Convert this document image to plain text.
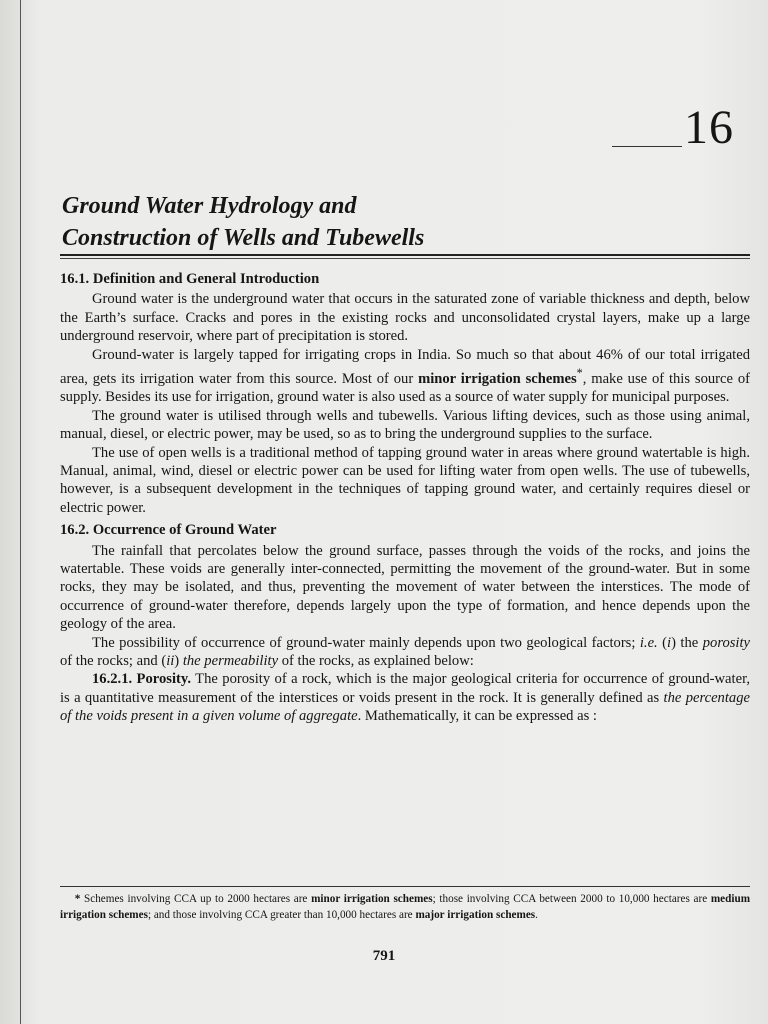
16
Ground Water Hydrology and
Construction of Wells and Tubewells
16.1. Definition and General Introduction

Ground water is the underground water that occurs in the saturated zone of variable thickness and depth, below the Earth’s surface. Cracks and pores in the existing rocks and unconsolidated crystal layers, make up a large underground reservoir, where part of precipitation is stored.

Ground-water is largely tapped for irrigating crops in India. So much so that about 46% of our total irrigated area, gets its irrigation water from this source. Most of our minor irrigation schemes*, make use of this source of supply. Besides its use for irrigation, ground water is also used as a source of water supply for municipal purposes.

The ground water is utilised through wells and tubewells. Various lifting devices, such as those using animal, manual, diesel, or electric power, may be used, so as to bring the underground supplies to the surface.

The use of open wells is a traditional method of tapping ground water in areas where ground watertable is high. Manual, animal, wind, diesel or electric power can be used for lifting water from open wells. The use of tubewells, however, is a subsequent development in the techniques of tapping ground water, and certainly requires diesel or electric power.

16.2. Occurrence of Ground Water

The rainfall that percolates below the ground surface, passes through the voids of the rocks, and joins the watertable. These voids are generally inter-connected, permitting the movement of the ground-water. But in some rocks, they may be isolated, and thus, preventing the movement of water between the interstices. The mode of occurrence of ground-water therefore, depends largely upon the type of formation, and hence depends upon the geology of the area.

The possibility of occurrence of ground-water mainly depends upon two geological factors; i.e. (i) the porosity of the rocks; and (ii) the permeability of the rocks, as explained below:

16.2.1. Porosity. The porosity of a rock, which is the major geological criteria for occurrence of ground-water, is a quantitative measurement of the interstices or voids present in the rock. It is generally defined as the percentage of the voids present in a given volume of aggregate. Mathematically, it can be expressed as :

* Schemes involving CCA up to 2000 hectares are minor irrigation schemes; those involving CCA between 2000 to 10,000 hectares are medium irrigation schemes; and those involving CCA greater than 10,000 hectares are major irrigation schemes.
791
